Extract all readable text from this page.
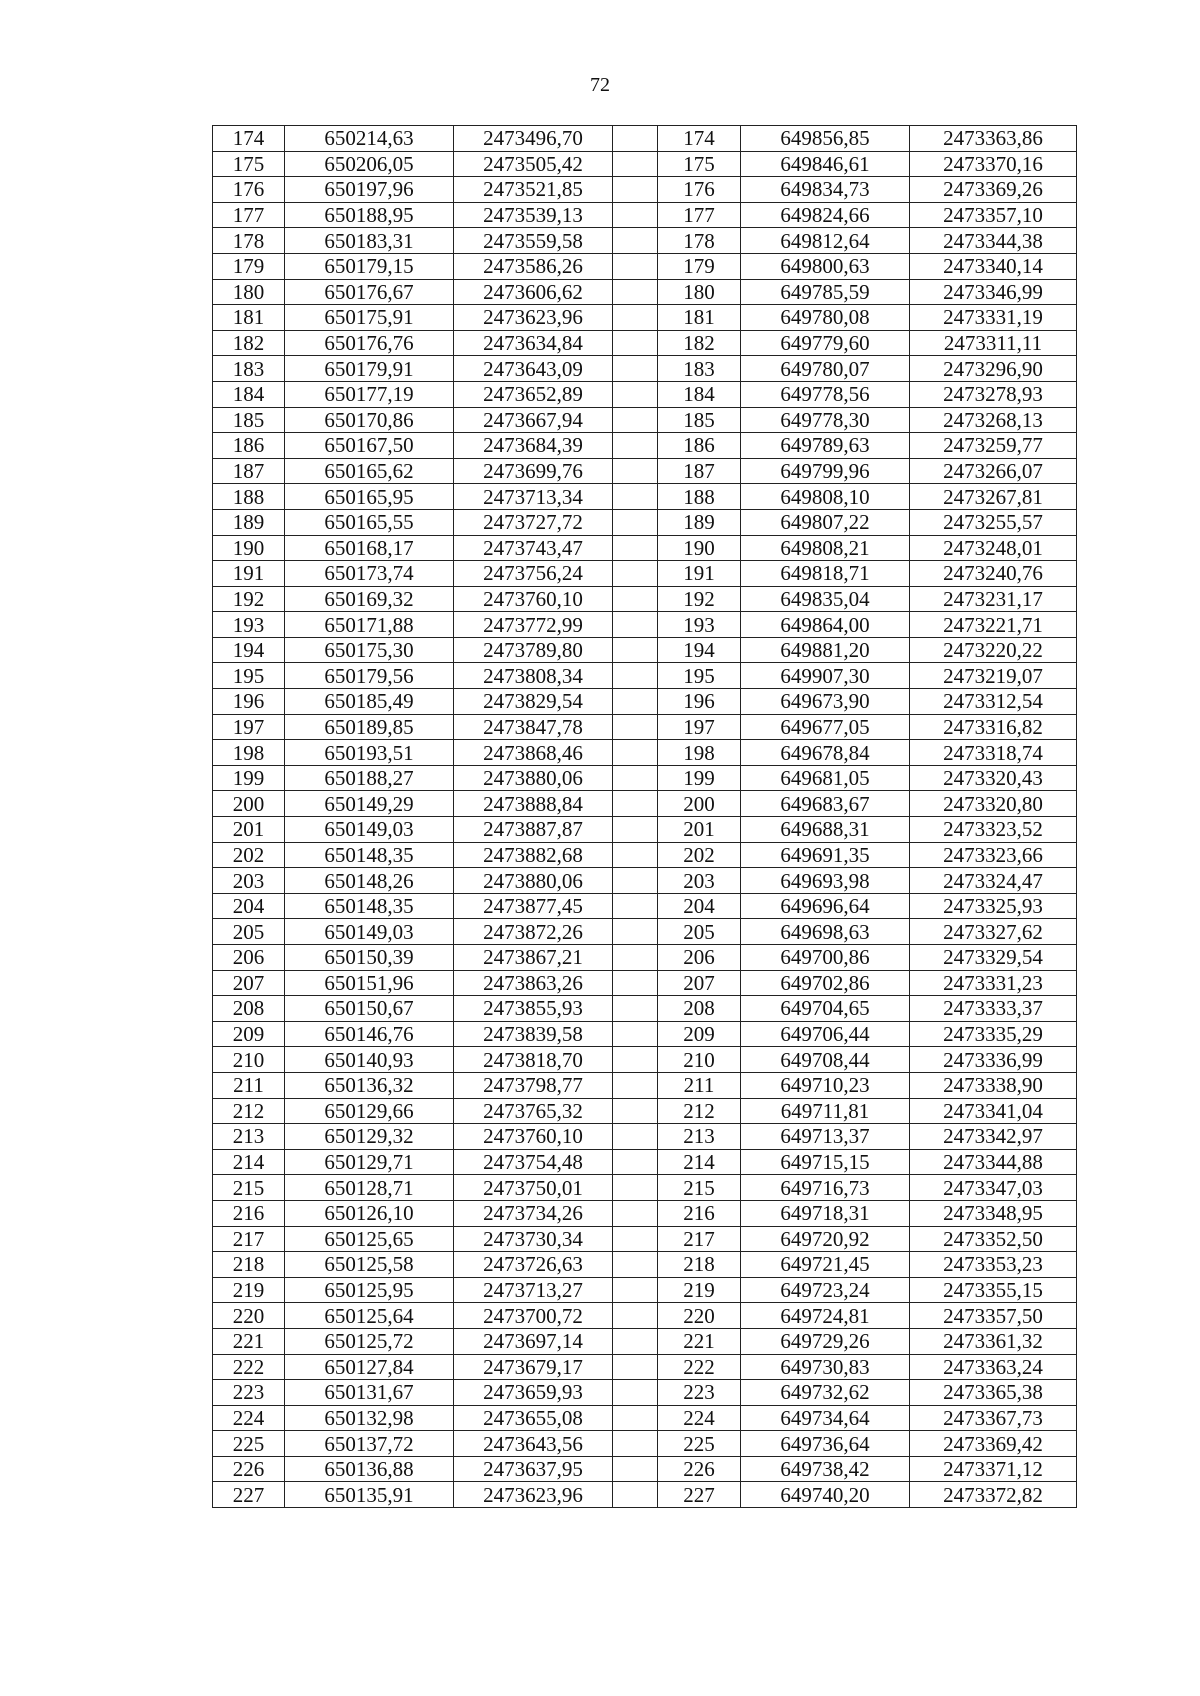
72
174	650214,63	2473496,70		174	649856,85	2473363,86
175	650206,05	2473505,42		175	649846,61	2473370,16
176	650197,96	2473521,85		176	649834,73	2473369,26
177	650188,95	2473539,13		177	649824,66	2473357,10
178	650183,31	2473559,58		178	649812,64	2473344,38
179	650179,15	2473586,26		179	649800,63	2473340,14
180	650176,67	2473606,62		180	649785,59	2473346,99
181	650175,91	2473623,96		181	649780,08	2473331,19
182	650176,76	2473634,84		182	649779,60	2473311,11
183	650179,91	2473643,09		183	649780,07	2473296,90
184	650177,19	2473652,89		184	649778,56	2473278,93
185	650170,86	2473667,94		185	649778,30	2473268,13
186	650167,50	2473684,39		186	649789,63	2473259,77
187	650165,62	2473699,76		187	649799,96	2473266,07
188	650165,95	2473713,34		188	649808,10	2473267,81
189	650165,55	2473727,72		189	649807,22	2473255,57
190	650168,17	2473743,47		190	649808,21	2473248,01
191	650173,74	2473756,24		191	649818,71	2473240,76
192	650169,32	2473760,10		192	649835,04	2473231,17
193	650171,88	2473772,99		193	649864,00	2473221,71
194	650175,30	2473789,80		194	649881,20	2473220,22
195	650179,56	2473808,34		195	649907,30	2473219,07
196	650185,49	2473829,54		196	649673,90	2473312,54
197	650189,85	2473847,78		197	649677,05	2473316,82
198	650193,51	2473868,46		198	649678,84	2473318,74
199	650188,27	2473880,06		199	649681,05	2473320,43
200	650149,29	2473888,84		200	649683,67	2473320,80
201	650149,03	2473887,87		201	649688,31	2473323,52
202	650148,35	2473882,68		202	649691,35	2473323,66
203	650148,26	2473880,06		203	649693,98	2473324,47
204	650148,35	2473877,45		204	649696,64	2473325,93
205	650149,03	2473872,26		205	649698,63	2473327,62
206	650150,39	2473867,21		206	649700,86	2473329,54
207	650151,96	2473863,26		207	649702,86	2473331,23
208	650150,67	2473855,93		208	649704,65	2473333,37
209	650146,76	2473839,58		209	649706,44	2473335,29
210	650140,93	2473818,70		210	649708,44	2473336,99
211	650136,32	2473798,77		211	649710,23	2473338,90
212	650129,66	2473765,32		212	649711,81	2473341,04
213	650129,32	2473760,10		213	649713,37	2473342,97
214	650129,71	2473754,48		214	649715,15	2473344,88
215	650128,71	2473750,01		215	649716,73	2473347,03
216	650126,10	2473734,26		216	649718,31	2473348,95
217	650125,65	2473730,34		217	649720,92	2473352,50
218	650125,58	2473726,63		218	649721,45	2473353,23
219	650125,95	2473713,27		219	649723,24	2473355,15
220	650125,64	2473700,72		220	649724,81	2473357,50
221	650125,72	2473697,14		221	649729,26	2473361,32
222	650127,84	2473679,17		222	649730,83	2473363,24
223	650131,67	2473659,93		223	649732,62	2473365,38
224	650132,98	2473655,08		224	649734,64	2473367,73
225	650137,72	2473643,56		225	649736,64	2473369,42
226	650136,88	2473637,95		226	649738,42	2473371,12
227	650135,91	2473623,96		227	649740,20	2473372,82
